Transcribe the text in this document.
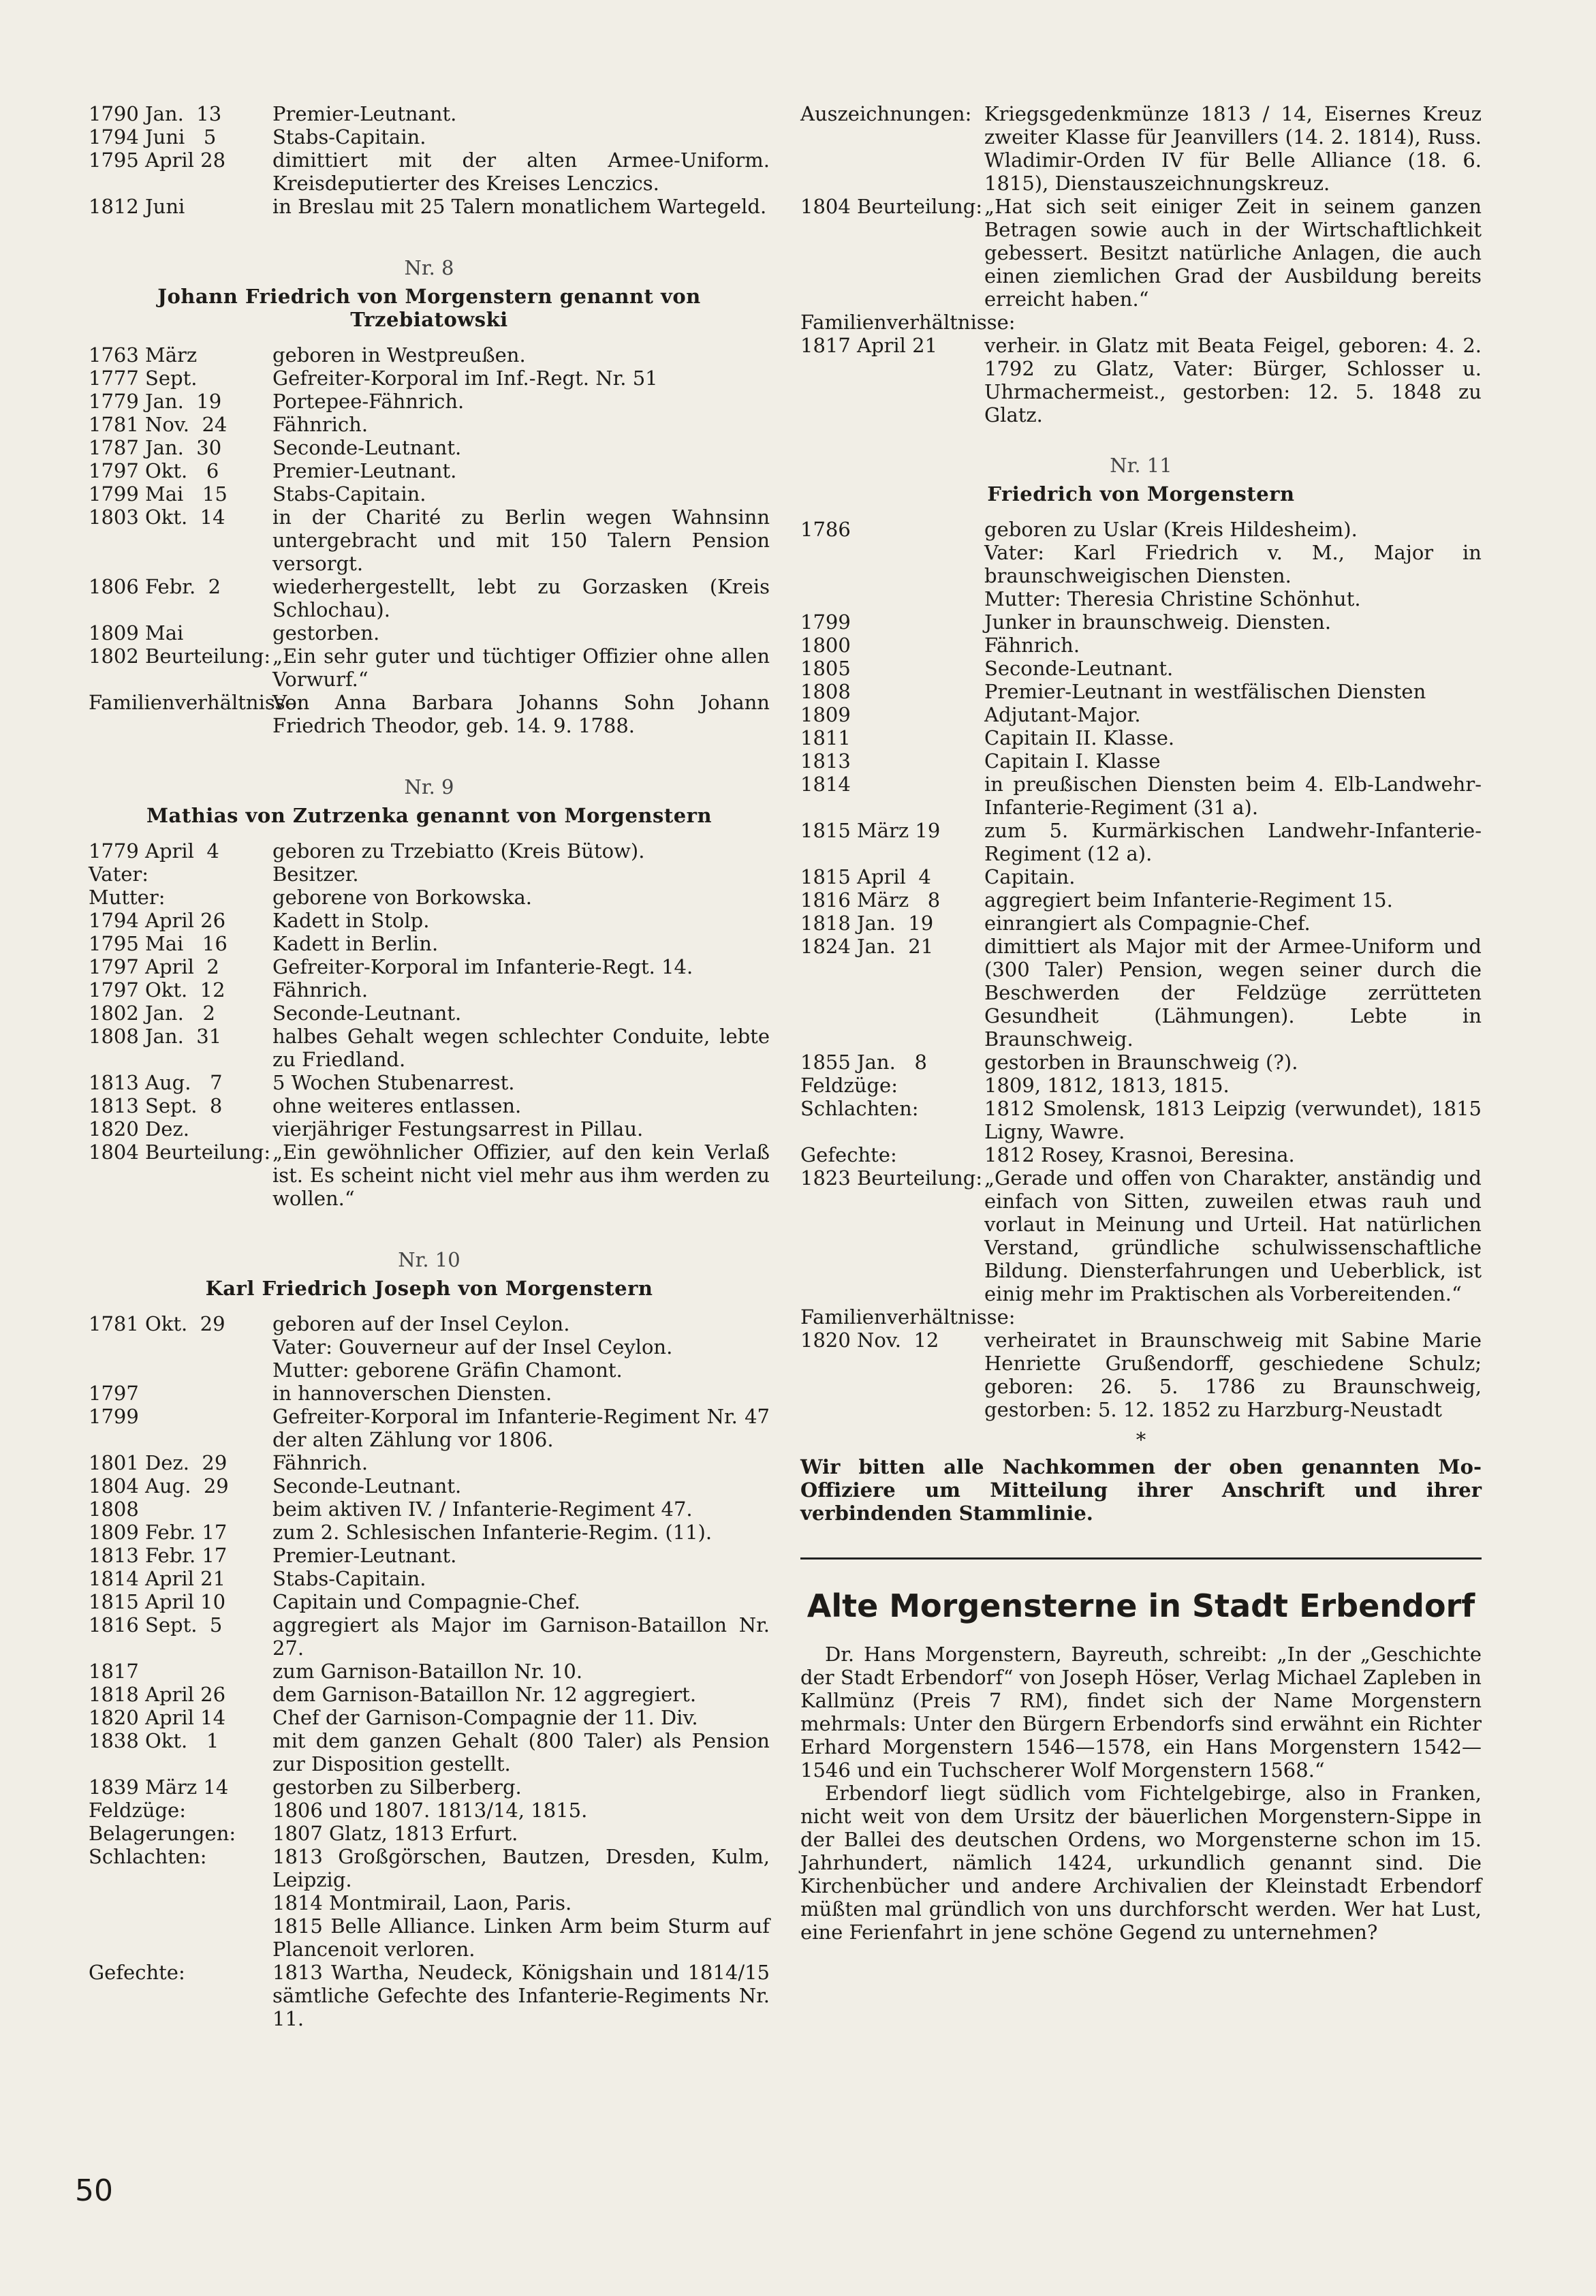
1790 Jan.  13	Premier-Leutnant.
1794 Juni   5	Stabs-Capitain.
1795 April 28	dimittiert mit der alten Armee-Uniform. Kreisdeputierter des Kreises Lenczics.
1812 Juni	in Breslau mit 25 Talern monatlichem Wartegeld.
Nr. 8
Johann Friedrich von Morgenstern genannt von Trzebiatowski
1763 März	geboren in Westpreußen.
1777 Sept.	Gefreiter-Korporal im Inf.-Regt. Nr. 51
1779 Jan.  19	Portepee-Fähnrich.
1781 Nov.  24	Fähnrich.
1787 Jan.  30	Seconde-Leutnant.
1797 Okt.   6	Premier-Leutnant.
1799 Mai   15	Stabs-Capitain.
1803 Okt.  14	in der Charité zu Berlin wegen Wahnsinn untergebracht und mit 150 Talern Pension versorgt.
1806 Febr.  2	wiederhergestellt, lebt zu Gorzasken (Kreis Schlochau).
1809 Mai	gestorben.
1802 Beurteilung: „Ein sehr guter und tüchtiger Offizier ohne allen Vorwurf.“
Familienverhältnisse:
Von Anna Barbara Johanns Sohn Johann Friedrich Theodor, geb. 14. 9. 1788.
Nr. 9
Mathias von Zutrzenka genannt von Morgenstern
1779 April  4	geboren zu Trzebiatto (Kreis Bütow).
Vater:	Besitzer.
Mutter:	geborene von Borkowska.
1794 April 26	Kadett in Stolp.
1795 Mai   16	Kadett in Berlin.
1797 April  2	Gefreiter-Korporal im Infanterie-Regt. 14.
1797 Okt.  12	Fähnrich.
1802 Jan.   2	Seconde-Leutnant.
1808 Jan.  31	halbes Gehalt wegen schlechter Conduite, lebte zu Friedland.
1813 Aug.   7	5 Wochen Stubenarrest.
1813 Sept.  8	ohne weiteres entlassen.
1820 Dez.	vierjähriger Festungsarrest in Pillau.
1804 Beurteilung: „Ein gewöhnlicher Offizier, auf den kein Verlaß ist. Es scheint nicht viel mehr aus ihm werden zu wollen.“
Nr. 10
Karl Friedrich Joseph von Morgenstern
1781 Okt.  29	geboren auf der Insel Ceylon.
Vater: Gouverneur auf der Insel Ceylon.
Mutter: geborene Gräfin Chamont.
1797	in hannoverschen Diensten.
1799	Gefreiter-Korporal im Infanterie-Regiment Nr. 47 der alten Zählung vor 1806.
1801 Dez.  29	Fähnrich.
1804 Aug.  29	Seconde-Leutnant.
1808	beim aktiven IV. / Infanterie-Regiment 47.
1809 Febr. 17	zum 2. Schlesischen Infanterie-Regim. (11).
1813 Febr. 17	Premier-Leutnant.
1814 April 21	Stabs-Capitain.
1815 April 10	Capitain und Compagnie-Chef.
1816 Sept.  5	aggregiert als Major im Garnison-Bataillon Nr. 27.
1817	zum Garnison-Bataillon Nr. 10.
1818 April 26	dem Garnison-Bataillon Nr. 12 aggregiert.
1820 April 14	Chef der Garnison-Compagnie der 11. Div.
1838 Okt.   1	mit dem ganzen Gehalt (800 Taler) als Pension zur Disposition gestellt.
1839 März 14	gestorben zu Silberberg.
Feldzüge:	1806 und 1807. 1813/14, 1815.
Belagerungen:	1807 Glatz, 1813 Erfurt.
Schlachten:	1813 Großgörschen, Bautzen, Dresden, Kulm, Leipzig.
1814 Montmirail, Laon, Paris.
1815 Belle Alliance. Linken Arm beim Sturm auf Plancenoit verloren.
Gefechte:	1813 Wartha, Neudeck, Königshain und 1814/15 sämtliche Gefechte des Infanterie-Regiments Nr. 11.
Auszeichnungen: Kriegsgedenkmünze 1813 / 14, Eisernes Kreuz zweiter Klasse für Jeanvillers (14. 2. 1814), Russ. Wladimir-Orden IV für Belle Alliance (18. 6. 1815), Dienstauszeichnungskreuz.
1804 Beurteilung: „Hat sich seit einiger Zeit in seinem ganzen Betragen sowie auch in der Wirtschaftlichkeit gebessert. Besitzt natürliche Anlagen, die auch einen ziemlichen Grad der Ausbildung bereits erreicht haben.“
Familienverhältnisse:
1817 April 21	verheir. in Glatz mit Beata Feigel, geboren: 4. 2. 1792 zu Glatz, Vater: Bürger, Schlosser u. Uhrmachermeist., gestorben: 12. 5. 1848 zu Glatz.
Nr. 11
Friedrich von Morgenstern
1786	geboren zu Uslar (Kreis Hildesheim).
Vater: Karl Friedrich v. M., Major in braunschweigischen Diensten.
Mutter: Theresia Christine Schönhut.
1799	Junker in braunschweig. Diensten.
1800	Fähnrich.
1805	Seconde-Leutnant.
1808	Premier-Leutnant in westfälischen Diensten
1809	Adjutant-Major.
1811	Capitain II. Klasse.
1813	Capitain I. Klasse
1814	in preußischen Diensten beim 4. Elb-Landwehr-Infanterie-Regiment (31 a).
1815 März 19	zum 5. Kurmärkischen Landwehr-Infanterie-Regiment (12 a).
1815 April  4	Capitain.
1816 März   8	aggregiert beim Infanterie-Regiment 15.
1818 Jan.  19	einrangiert als Compagnie-Chef.
1824 Jan.  21	dimittiert als Major mit der Armee-Uniform und (300 Taler) Pension, wegen seiner durch die Beschwerden der Feldzüge zerrütteten Gesundheit (Lähmungen). Lebte in Braunschweig.
1855 Jan.   8	gestorben in Braunschweig (?).
Feldzüge:	1809, 1812, 1813, 1815.
Schlachten:	1812 Smolensk, 1813 Leipzig (verwundet), 1815 Ligny, Wawre.
Gefechte:	1812 Rosey, Krasnoi, Beresina.
1823 Beurteilung: „Gerade und offen von Charakter, anständig und einfach von Sitten, zuweilen etwas rauh und vorlaut in Meinung und Urteil. Hat natürlichen Verstand, gründliche schulwissenschaftliche Bildung. Diensterfahrungen und Ueberblick, ist einig mehr im Praktischen als Vorbereitenden.“
Familienverhältnisse:
1820 Nov.  12	verheiratet in Braunschweig mit Sabine Marie Henriette Grußendorff, geschiedene Schulz; geboren: 26. 5. 1786 zu Braunschweig, gestorben: 5. 12. 1852 zu Harzburg-Neustadt
*
Wir bitten alle Nachkommen der oben genannten Mo-Offiziere um Mitteilung ihrer Anschrift und ihrer verbindenden Stammlinie.
Alte Morgensterne in Stadt Erbendorf

Dr. Hans Morgenstern, Bayreuth, schreibt: „In der „Geschichte der Stadt Erbendorf“ von Joseph Höser, Verlag Michael Zapleben in Kallmünz (Preis 7 RM), findet sich der Name Morgenstern mehrmals: Unter den Bürgern Erbendorfs sind erwähnt ein Richter Erhard Morgenstern 1546—1578, ein Hans Morgenstern 1542—1546 und ein Tuchscherer Wolf Morgenstern 1568.“

Erbendorf liegt südlich vom Fichtelgebirge, also in Franken, nicht weit von dem Ursitz der bäuerlichen Morgenstern-Sippe in der Ballei des deutschen Ordens, wo Morgensterne schon im 15. Jahrhundert, nämlich 1424, urkundlich genannt sind. Die Kirchenbücher und andere Archivalien der Kleinstadt Erbendorf müßten mal gründlich von uns durchforscht werden. Wer hat Lust, eine Ferienfahrt in jene schöne Gegend zu unternehmen?

50
